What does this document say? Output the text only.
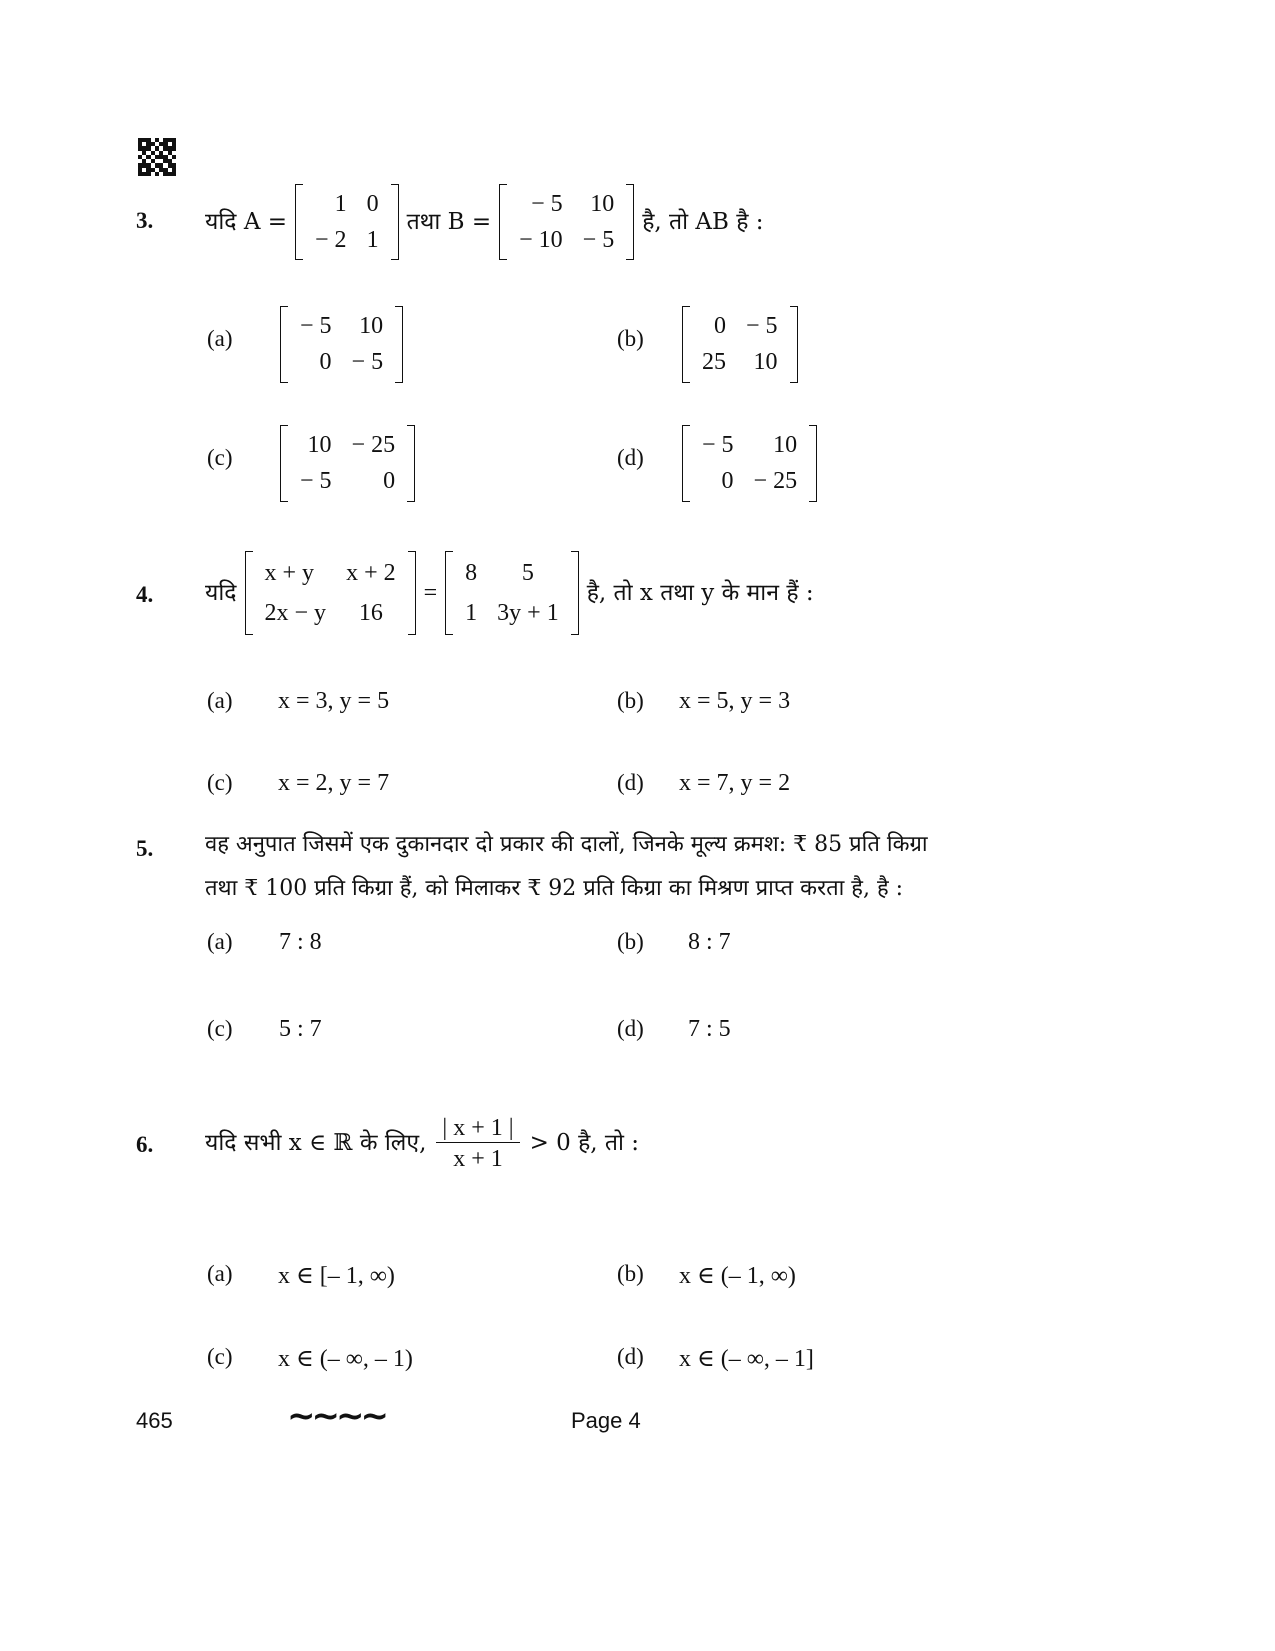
3. यदि A =
1	0
− 2	1
तथा B =
− 5	10
− 10	− 5
है, तो AB है :
(a)	− 5	10
0	− 5
(b)	0	− 5
25	10
(c)	10	− 25
− 5	0
(d) − 5	10
0	− 25
4. यदि
x + y	x + 2
2x − y	16
=
8	5
1	3y + 1
है, तो x तथा y के मान हैं :
(a) x = 3, y = 5	(b) x = 5, y = 3
(c) x = 2, y = 7	(d) x = 7, y = 2
5. वह अनुपात जिसमें एक दुकानदार दो प्रकार की दालों, जिनके मूल्य क्रमश: ₹ 85 प्रति किग्रा
तथा ₹ 100 प्रति किग्रा हैं, को मिलाकर ₹ 92 प्रति किग्रा का मिश्रण प्राप्त करता है, है :
(a) 7 : 8	(b) 8 : 7
(c) 5 : 7	(d) 7 : 5
6. यदि सभी x ∈ ℝ के लिए, $\frac{| x + 1 |}{x + 1} > 0$ है, तो :
(a) x ∈ [– 1, ∞)	(b) x ∈ (– 1, ∞)
(c) x ∈ (– ∞, – 1)	(d) x ∈ (– ∞, – 1]
465	~~~~	Page 4
